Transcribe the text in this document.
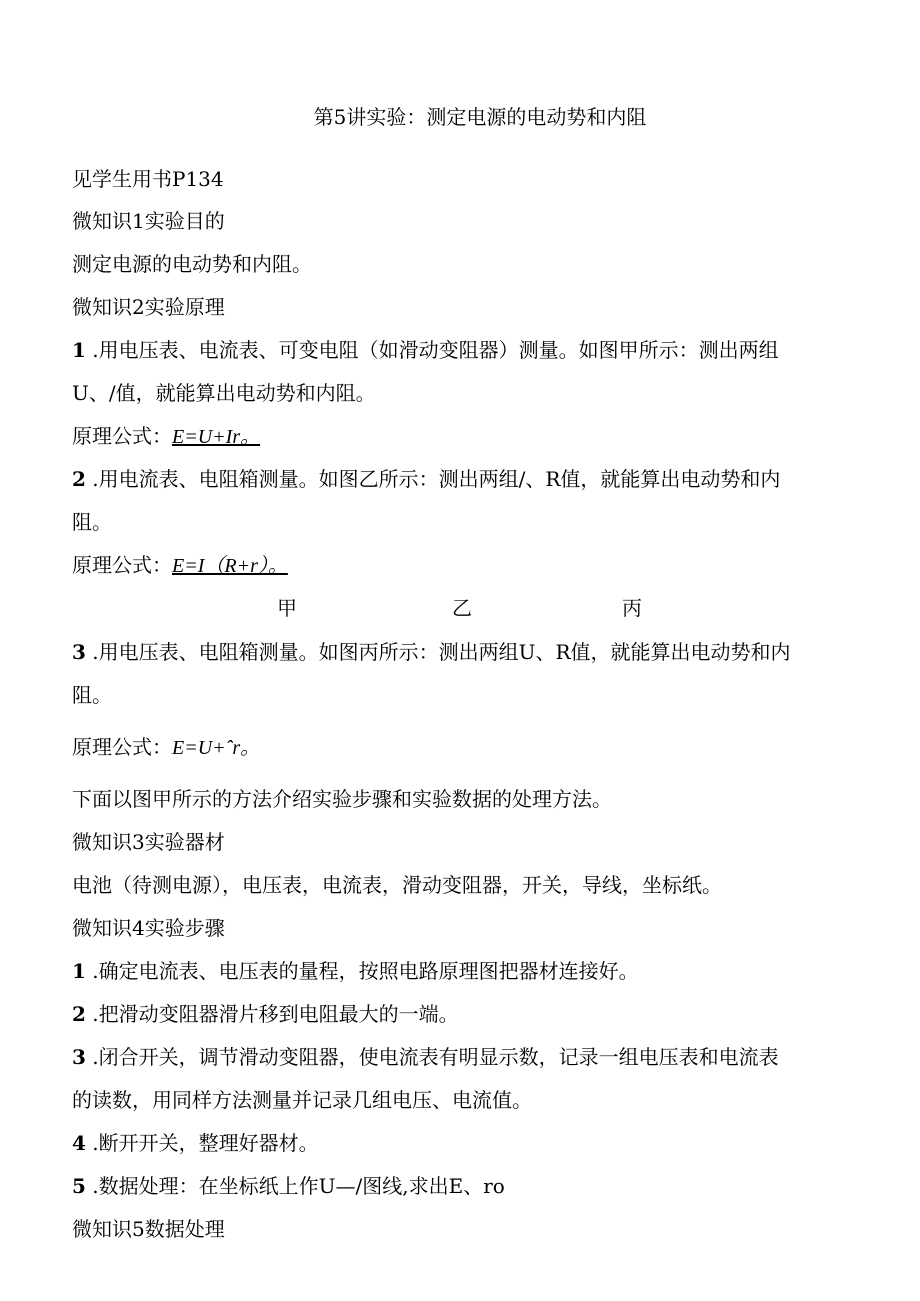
第5讲实验：测定电源的电动势和内阻
见学生用书P134
微知识1实验目的
测定电源的电动势和内阻。
微知识2实验原理
1 .用电压表、电流表、可变电阻（如滑动变阻器）测量。如图甲所示：测出两组
U、/值，就能算出电动势和内阻。
原理公式：E=U+Ir。
2 .用电流表、电阻箱测量。如图乙所示：测出两组/、R值，就能算出电动势和内
阻。
原理公式：E=I（R+r）。
甲	乙	丙
3 .用电压表、电阻箱测量。如图丙所示：测出两组U、R值，就能算出电动势和内
阻。
原理公式：E=U+ˆr。
下面以图甲所示的方法介绍实验步骤和实验数据的处理方法。
微知识3实验器材
电池（待测电源），电压表，电流表，滑动变阻器，开关，导线，坐标纸。
微知识4实验步骤
1 .确定电流表、电压表的量程，按照电路原理图把器材连接好。
2 .把滑动变阻器滑片移到电阻最大的一端。
3 .闭合开关，调节滑动变阻器，使电流表有明显示数，记录一组电压表和电流表
的读数，用同样方法测量并记录几组电压、电流值。
4 .断开开关，整理好器材。
5 .数据处理：在坐标纸上作U—/图线,求出E、ro
微知识5数据处理
